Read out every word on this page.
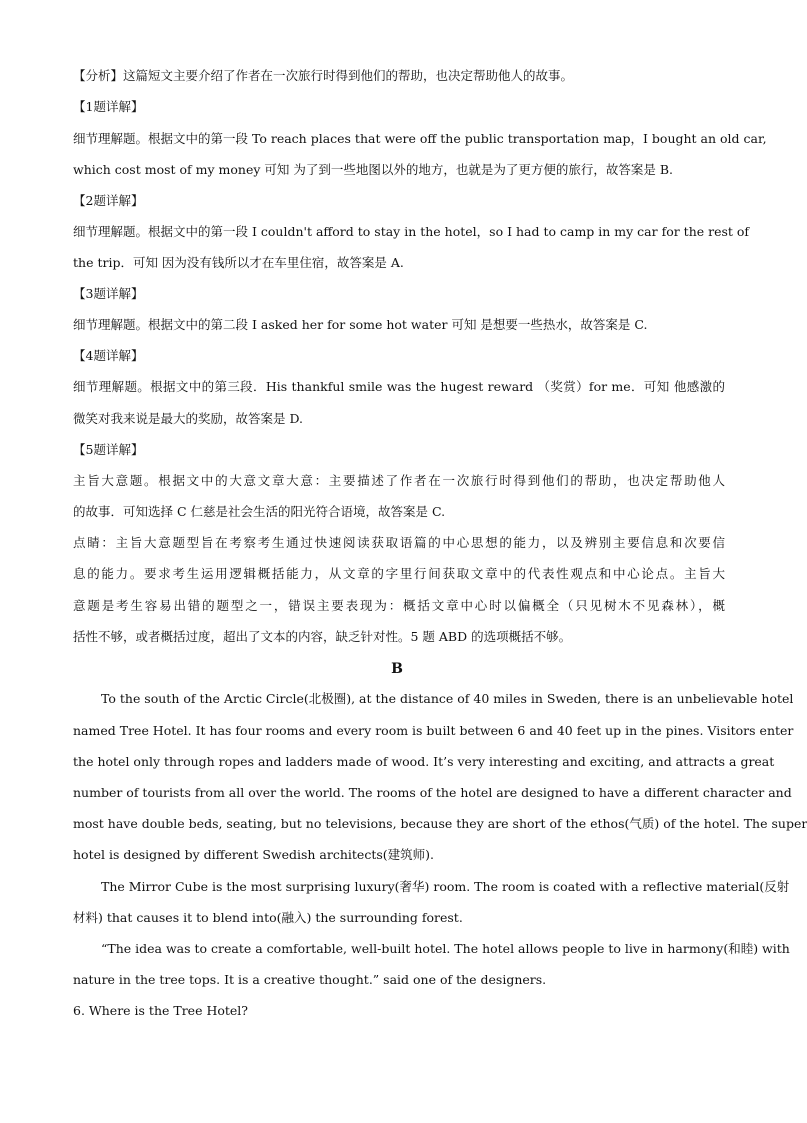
【分析】这篇短文主要介绍了作者在一次旅行时得到他们的帮助，也决定帮助他人的故事。
【1题详解】
细节理解题。根据文中的第一段 To reach places that were off the public transportation map，I bought an old car,
which cost most of my money 可知 为了到一些地图以外的地方，也就是为了更方便的旅行，故答案是 B.
【2题详解】
细节理解题。根据文中的第一段 I couldn't afford to stay in the hotel，so I had to camp in my car for the rest of
the trip．可知 因为没有钱所以才在车里住宿，故答案是 A.
【3题详解】
细节理解题。根据文中的第二段 I asked her for some hot water 可知 是想要一些热水，故答案是 C.
【4题详解】
细节理解题。根据文中的第三段．His thankful smile was the hugest reward （奖赏）for me．可知 他感激的
微笑对我来说是最大的奖励，故答案是 D.
【5题详解】
主旨大意题。根据文中的大意文章大意：主要描述了作者在一次旅行时得到他们的帮助，也决定帮助他人
的故事．可知选择 C 仁慈是社会生活的阳光符合语境，故答案是 C.
点睛：主旨大意题型旨在考察考生通过快速阅读获取语篇的中心思想的能力，以及辨别主要信息和次要信
息的能力。要求考生运用逻辑概括能力，从文章的字里行间获取文章中的代表性观点和中心论点。主旨大
意题是考生容易出错的题型之一，错误主要表现为：概括文章中心时以偏概全（只见树木不见森林），概
括性不够，或者概括过度，超出了文本的内容，缺乏针对性。5 题 ABD 的选项概括不够。
B
To the south of the Arctic Circle(北极圈), at the distance of 40 miles in Sweden, there is an unbelievable hotel
named Tree Hotel. It has four rooms and every room is built between 6 and 40 feet up in the pines. Visitors enter
the hotel only through ropes and ladders made of wood. It’s very interesting and exciting, and attracts a great
number of tourists from all over the world. The rooms of the hotel are designed to have a different character and
most have double beds, seating, but no televisions, because they are short of the ethos(气质) of the hotel. The super
hotel is designed by different Swedish architects(建筑师).
The Mirror Cube is the most surprising luxury(奢华) room. The room is coated with a reflective material(反射
材料) that causes it to blend into(融入) the surrounding forest.
“The idea was to create a comfortable, well-built hotel. The hotel allows people to live in harmony(和睦) with
nature in the tree tops. It is a creative thought.” said one of the designers.
6. Where is the Tree Hotel?
